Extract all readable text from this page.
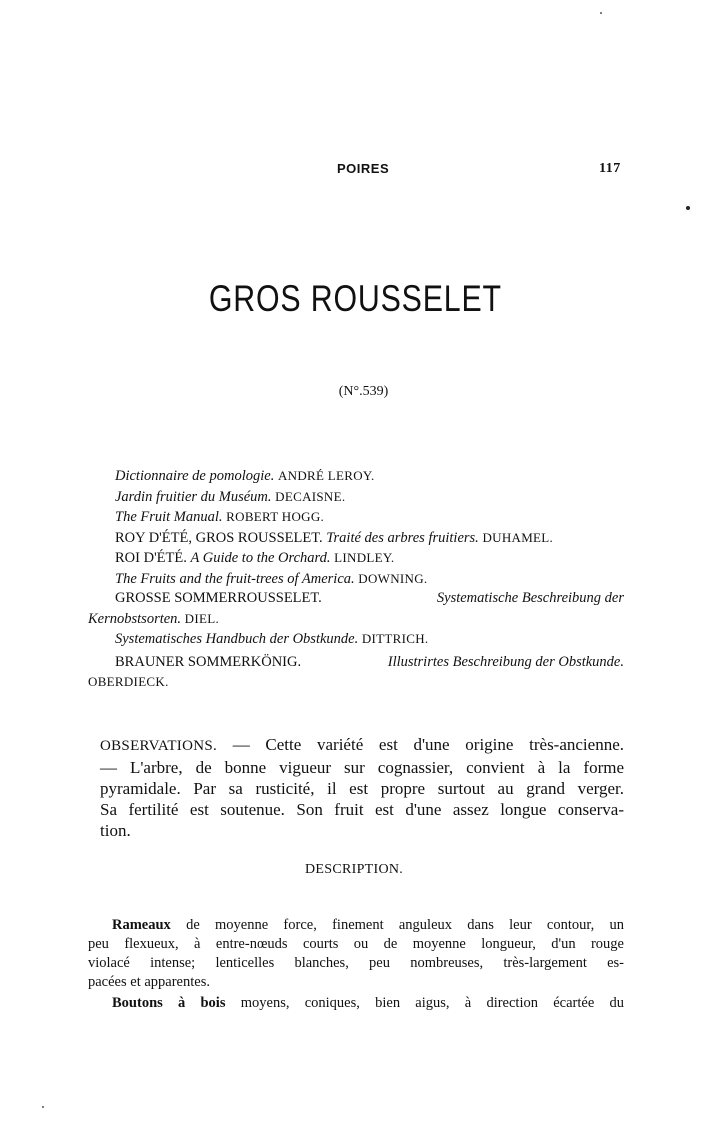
POIRES	117
GROS ROUSSELET
(N°.539)
Dictionnaire de pomologie. ANDRÉ LEROY.
Jardin fruitier du Muséum. DECAISNE.
The Fruit Manual. ROBERT HOGG.
ROY D'ÉTÉ, GROS ROUSSELET. Traité des arbres fruitiers. DUHAMEL.
ROI D'ÉTÉ. A Guide to the Orchard. LINDLEY.
The Fruits and the fruit-trees of America. DOWNING.
GROSSE SOMMERROUSSELET.	Systematische Beschreibung der
Kernobstsorten. DIEL.
Systematisches Handbuch der Obstkunde. DITTRICH.
BRAUNER SOMMERKÖNIG.	Illustrirtes Beschreibung der Obstkunde.
OBERDIECK.
OBSERVATIONS. — Cette variété est d'une origine très-ancienne.
— L'arbre, de bonne vigueur sur cognassier, convient à la forme
pyramidale. Par sa rusticité, il est propre surtout au grand verger.
Sa fertilité est soutenue. Son fruit est d'une assez longue conserva-
tion.
DESCRIPTION.
Rameaux de moyenne force, finement anguleux dans leur contour, un
peu flexueux, à entre-nœuds courts ou de moyenne longueur, d'un rouge
violacé intense; lenticelles blanches, peu nombreuses, très-largement es-
pacées et apparentes.
Boutons à bois moyens, coniques, bien aigus, à direction écartée du
